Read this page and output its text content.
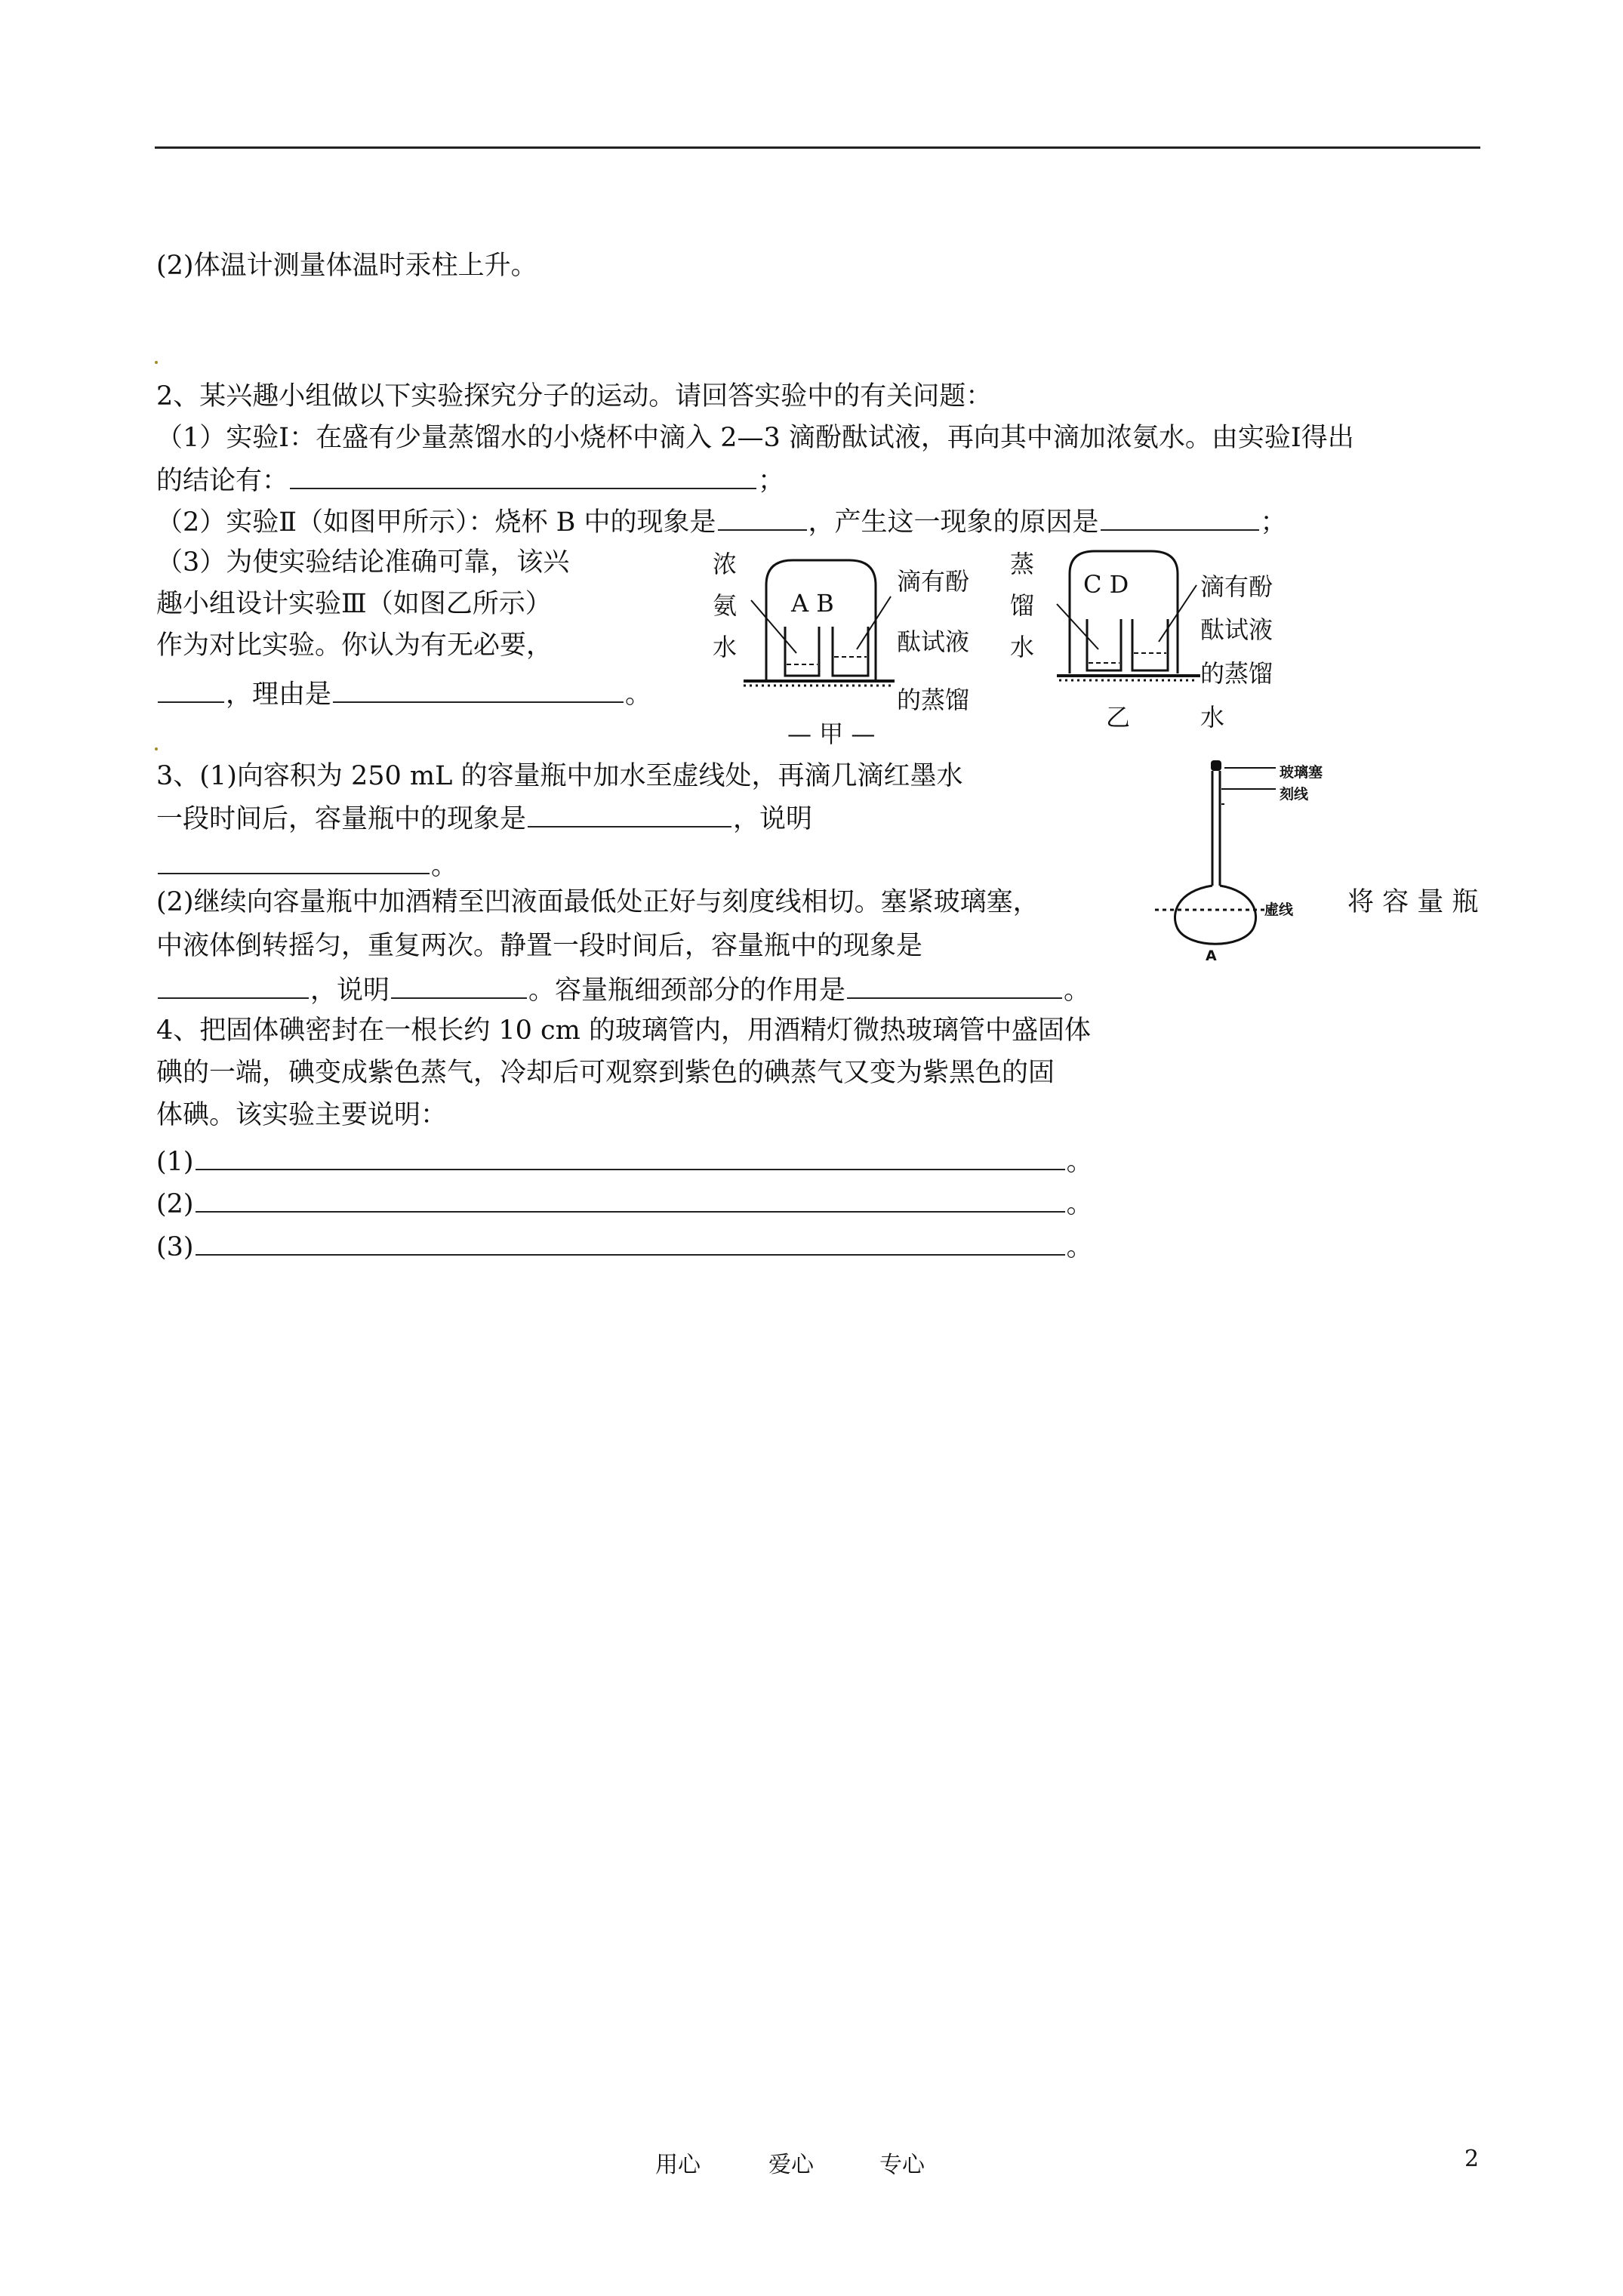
(2)体温计测量体温时汞柱上升。
2、某兴趣小组做以下实验探究分子的运动。请回答实验中的有关问题：
（1）实验Ⅰ：在盛有少量蒸馏水的小烧杯中滴入 2—3 滴酚酞试液，再向其中滴加浓氨水。由实验Ⅰ得出
的结论有：	；
（2）实验Ⅱ（如图甲所示）：烧杯 B 中的现象是	，产生这一现象的原因是	；
（3）为使实验结论准确可靠，该兴
趣小组设计实验Ⅲ（如图乙所示）
作为对比实验。你认为有无必要，
，理由是	。
浓
氨
水
A B
滴有酚
酞试液
的蒸馏
— 甲 —
蒸
馏
水
C D	滴有酚
酞试液
的蒸馏
水
乙
3、(1)向容积为 250 mL 的容量瓶中加水至虚线处，再滴几滴红墨水
一段时间后，容量瓶中的现象是	，说明
。
(2)继续向容量瓶中加酒精至凹液面最低处正好与刻度线相切。塞紧玻璃塞，	将 容 量 瓶
中液体倒转摇匀，重复两次。静置一段时间后，容量瓶中的现象是
，说明	。容量瓶细颈部分的作用是	。
玻璃塞
刻线
虚线
A
4、把固体碘密封在一根长约 10 cm 的玻璃管内，用酒精灯微热玻璃管中盛固体
碘的一端，碘变成紫色蒸气，冷却后可观察到紫色的碘蒸气又变为紫黑色的固
体碘。该实验主要说明：
(1)	。
(2)	。
(3)	。
用心	爱心	专心	2
